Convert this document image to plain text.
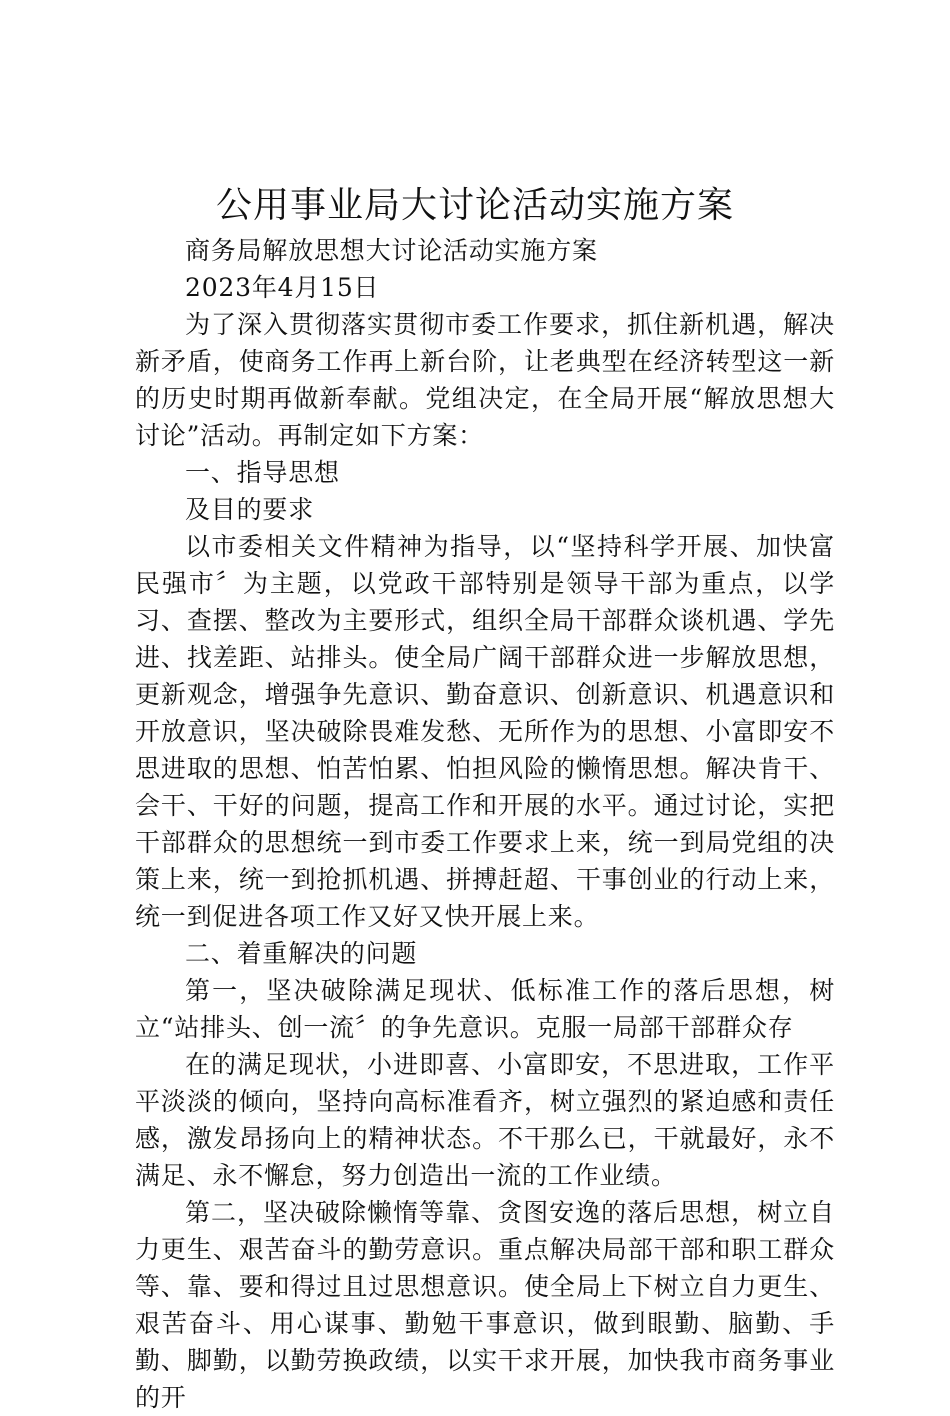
公用事业局大讨论活动实施方案

商务局解放思想大讨论活动实施方案

2023年4月15日

为了深入贯彻落实贯彻市委工作要求，抓住新机遇，解决新矛盾，使商务工作再上新台阶，让老典型在经济转型这一新的历史时期再做新奉献。党组决定，在全局开展“解放思想大讨论”活动。再制定如下方案：

一、指导思想

及目的要求

以市委相关文件精神为指导，以“坚持科学开展、加快富民强市〞为主题，以党政干部特别是领导干部为重点，以学习、查摆、整改为主要形式，组织全局干部群众谈机遇、学先进、找差距、站排头。使全局广阔干部群众进一步解放思想，更新观念，增强争先意识、勤奋意识、创新意识、机遇意识和开放意识，坚决破除畏难发愁、无所作为的思想、小富即安不思进取的思想、怕苦怕累、怕担风险的懒惰思想。解决肯干、会干、干好的问题，提高工作和开展的水平。通过讨论，实把干部群众的思想统一到市委工作要求上来，统一到局党组的决策上来，统一到抢抓机遇、拼搏赶超、干事创业的行动上来，统一到促进各项工作又好又快开展上来。

二、着重解决的问题

第一，坚决破除满足现状、低标准工作的落后思想，树立“站排头、创一流〞的争先意识。克服一局部干部群众存

在的满足现状，小进即喜、小富即安，不思进取，工作平平淡淡的倾向，坚持向高标准看齐，树立强烈的紧迫感和责任感，激发昂扬向上的精神状态。不干那么已，干就最好，永不满足、永不懈怠，努力创造出一流的工作业绩。

第二，坚决破除懒惰等靠、贪图安逸的落后思想，树立自力更生、艰苦奋斗的勤劳意识。重点解决局部干部和职工群众等、靠、要和得过且过思想意识。使全局上下树立自力更生、艰苦奋斗、用心谋事、勤勉干事意识，做到眼勤、脑勤、手勤、脚勤，以勤劳换政绩，以实干求开展，加快我市商务事业的开
